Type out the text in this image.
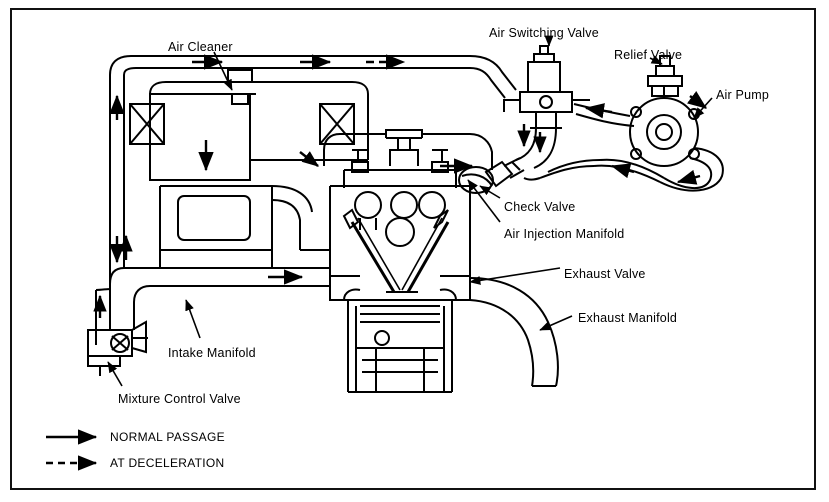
Air Cleaner
Air Switching Valve
Relief Valve
Air Pump
Check Valve
Air Injection Manifold
Exhaust Valve
Exhaust Manifold
Intake Manifold
Mixture Control Valve
NORMAL PASSAGE
AT DECELERATION
